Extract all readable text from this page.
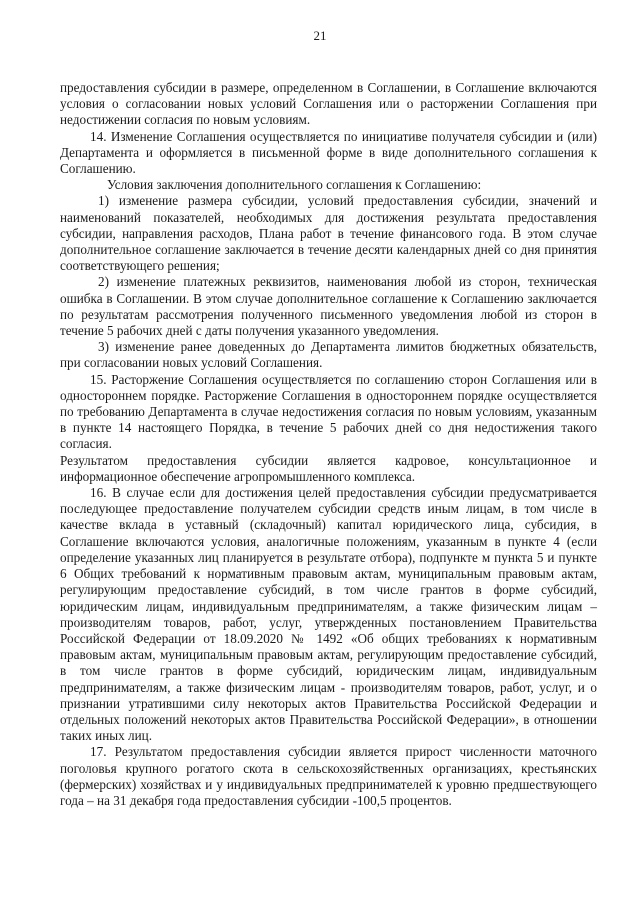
21

предоставления субсидии в размере, определенном в Соглашении, в Соглашение включаются условия о согласовании новых условий Соглашения или о расторжении Соглашения при недостижении согласия по новым условиям.

14. Изменение Соглашения осуществляется по инициативе получателя субсидии и (или) Департамента и оформляется в письменной форме в виде дополнительного соглашения к Соглашению.

Условия заключения дополнительного соглашения к Соглашению:

1) изменение размера субсидии, условий предоставления субсидии, значений и наименований показателей, необходимых для достижения результата предоставления субсидии, направления расходов, Плана работ в течение финансового года. В этом случае дополнительное соглашение заключается в течение десяти календарных дней со дня принятия соответствующего решения;

2) изменение платежных реквизитов, наименования любой из сторон, техническая ошибка в Соглашении. В этом случае дополнительное соглашение к Соглашению заключается по результатам рассмотрения полученного письменного уведомления любой из сторон в течение 5 рабочих дней с даты получения указанного уведомления.

3) изменение ранее доведенных до Департамента лимитов бюджетных обязательств, при согласовании новых условий Соглашения.

15. Расторжение Соглашения осуществляется по соглашению сторон Соглашения или в одностороннем порядке. Расторжение Соглашения в одностороннем порядке осуществляется по требованию Департамента в случае недостижения согласия по новым условиям, указанным в пункте 14 настоящего Порядка, в течение 5 рабочих дней со дня недостижения такого согласия.

Результатом предоставления субсидии является кадровое, консультационное и информационное обеспечение агропромышленного комплекса.

16. В случае если для достижения целей предоставления субсидии предусматривается последующее предоставление получателем субсидии средств иным лицам, в том числе в качестве вклада в уставный (складочный) капитал юридического лица, субсидия, в Соглашение включаются условия, аналогичные положениям, указанным в пункте 4 (если определение указанных лиц планируется в результате отбора), подпункте м пункта 5 и пункте 6 Общих требований к нормативным правовым актам, муниципальным правовым актам, регулирующим предоставление субсидий, в том числе грантов в форме субсидий, юридическим лицам, индивидуальным предпринимателям, а также физическим лицам – производителям товаров, работ, услуг, утвержденных постановлением Правительства Российской Федерации от 18.09.2020 № 1492 «Об общих требованиях к нормативным правовым актам, муниципальным правовым актам, регулирующим предоставление субсидий, в том числе грантов в форме субсидий, юридическим лицам, индивидуальным предпринимателям, а также физическим лицам - производителям товаров, работ, услуг, и о признании утратившими силу некоторых актов Правительства Российской Федерации и отдельных положений некоторых актов Правительства Российской Федерации», в отношении таких иных лиц.

17. Результатом предоставления субсидии является прирост численности маточного поголовья крупного рогатого скота в сельскохозяйственных организациях, крестьянских (фермерских) хозяйствах и у индивидуальных предпринимателей к уровню предшествующего года – на 31 декабря года предоставления субсидии -100,5 процентов.
